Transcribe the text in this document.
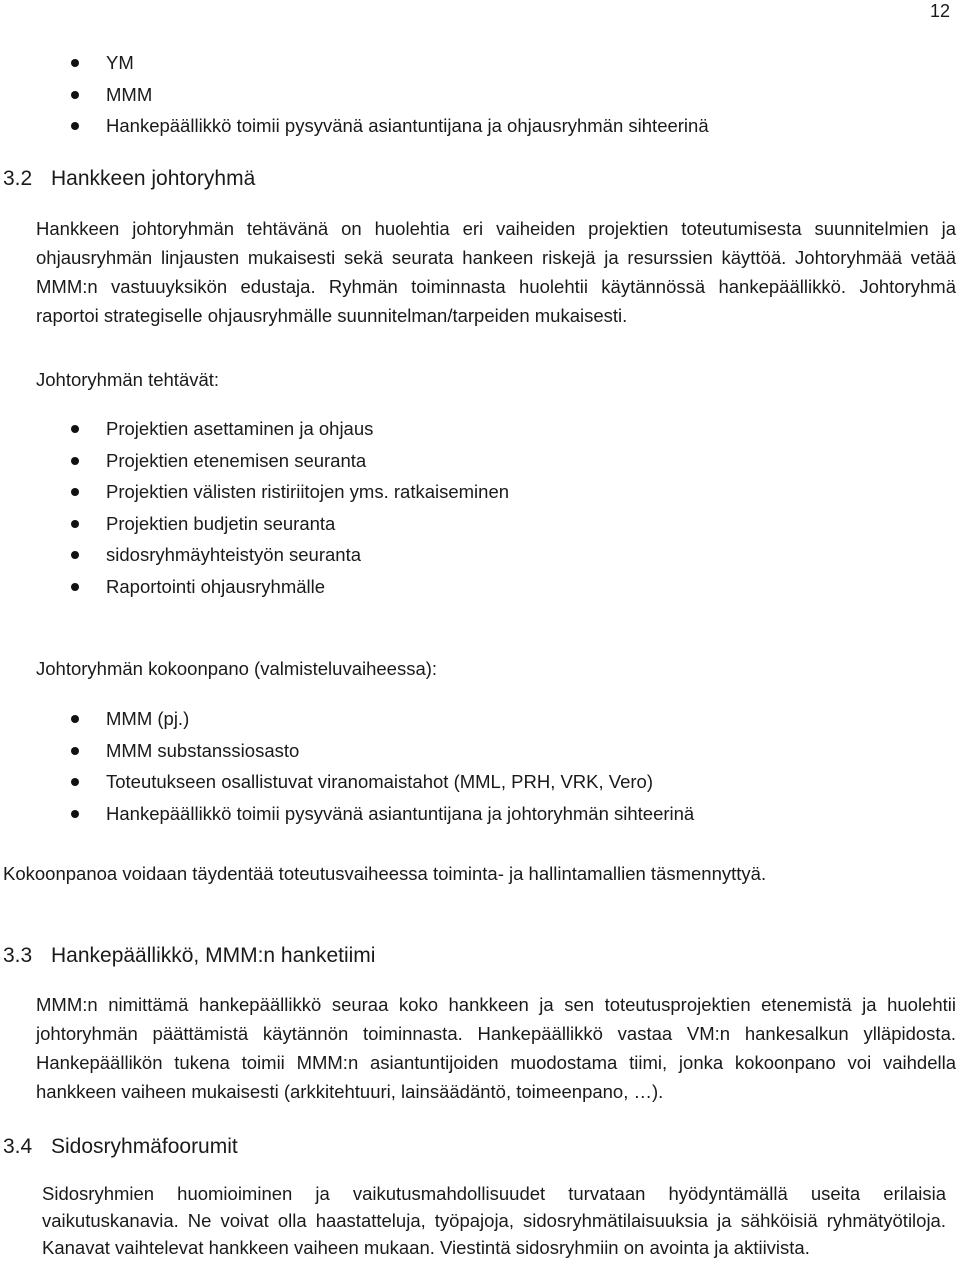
12
YM
MMM
Hankepäällikkö toimii pysyvänä asiantuntijana ja ohjausryhmän sihteerinä
3.2 Hankkeen johtoryhmä
Hankkeen johtoryhmän tehtävänä on huolehtia eri vaiheiden projektien toteutumisesta suunnitelmien ja ohjausryhmän linjausten mukaisesti sekä seurata hankeen riskejä ja resurssien käyttöä. Johtoryhmää vetää MMM:n vastuuyksikön edustaja. Ryhmän toiminnasta huolehtii käytännössä hankepäällikkö. Johtoryhmä raportoi strategiselle ohjausryhmälle suunnitelman/tarpeiden mukaisesti.
Johtoryhmän tehtävät:
Projektien asettaminen ja ohjaus
Projektien etenemisen seuranta
Projektien välisten ristiriitojen yms. ratkaiseminen
Projektien budjetin seuranta
sidosryhmäyhteistyön seuranta
Raportointi ohjausryhmälle
Johtoryhmän kokoonpano (valmisteluvaiheessa):
MMM (pj.)
MMM substanssiosasto
Toteutukseen osallistuvat viranomaistahot (MML, PRH, VRK, Vero)
Hankepäällikkö toimii pysyvänä asiantuntijana ja johtoryhmän sihteerinä
Kokoonpanoa voidaan täydentää toteutusvaiheessa toiminta- ja hallintamallien täsmennyttyä.
3.3 Hankepäällikkö, MMM:n hanketiimi
MMM:n nimittämä hankepäällikkö seuraa koko hankkeen ja sen toteutusprojektien etenemistä ja huolehtii johtoryhmän päättämistä käytännön toiminnasta. Hankepäällikkö vastaa VM:n hankesalkun ylläpidosta. Hankepäällikön tukena toimii MMM:n asiantuntijoiden muodostama tiimi, jonka kokoonpano voi vaihdella hankkeen vaiheen mukaisesti (arkkitehtuuri, lainsäädäntö, toimeenpano, …).
3.4 Sidosryhmäfoorumit
Sidosryhmien huomioiminen ja vaikutusmahdollisuudet turvataan hyödyntämällä useita erilaisia vaikutuskanavia. Ne voivat olla haastatteluja, työpajoja, sidosryhmätilaisuuksia ja sähköisiä ryhmätyötiloja. Kanavat vaihtelevat hankkeen vaiheen mukaan. Viestintä sidosryhmiin on avointa ja aktiivista.
